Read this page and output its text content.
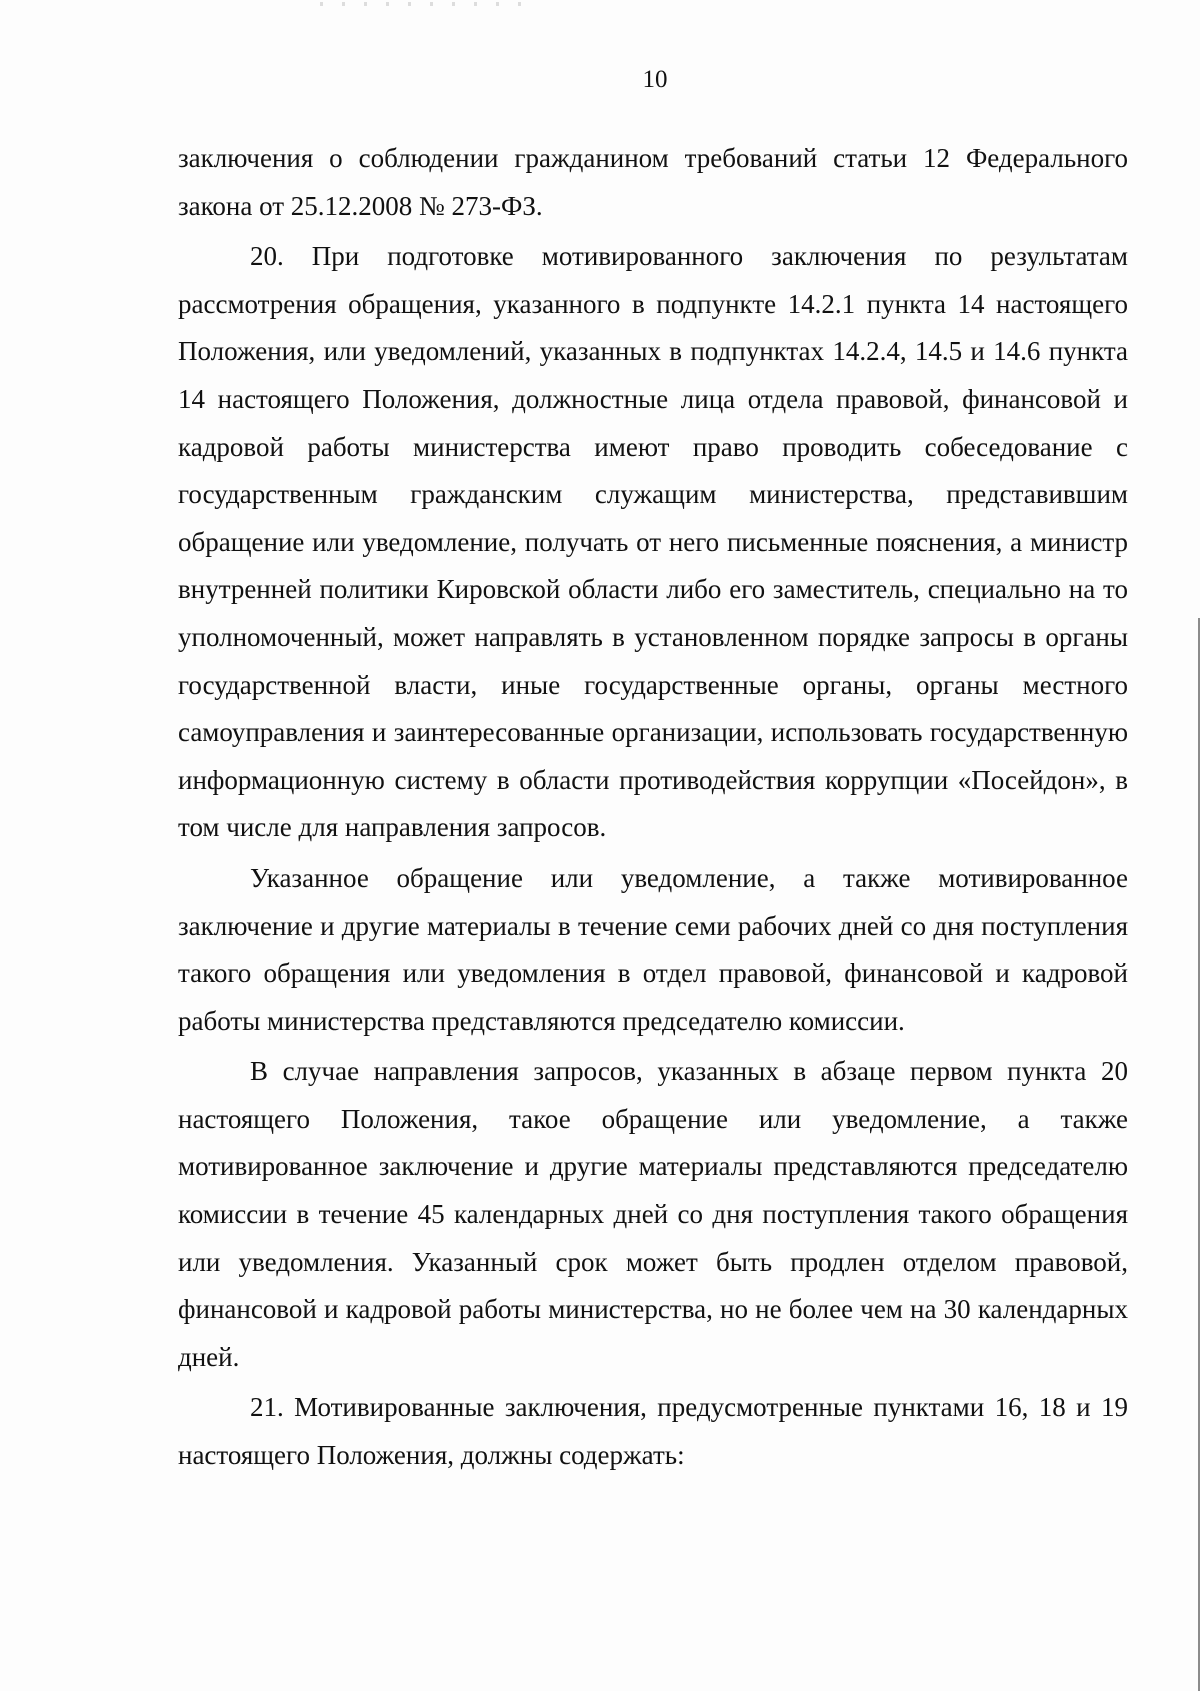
10

заключения о соблюдении гражданином требований статьи 12 Федерального закона от 25.12.2008 № 273-ФЗ.

20. При подготовке мотивированного заключения по результатам рассмотрения обращения, указанного в подпункте 14.2.1 пункта 14 настоящего Положения, или уведомлений, указанных в подпунктах 14.2.4, 14.5 и 14.6 пункта 14 настоящего Положения, должностные лица отдела правовой, финансовой и кадровой работы министерства имеют право проводить собеседование с государственным гражданским служащим министерства, представившим обращение или уведомление, получать от него письменные пояснения, а министр внутренней политики Кировской области либо его заместитель, специально на то уполномоченный, может направлять в установленном порядке запросы в органы государственной власти, иные государственные органы, органы местного самоуправления и заинтересованные организации, использовать государственную информационную систему в области противодействия коррупции «Посейдон», в том числе для направления запросов.

Указанное обращение или уведомление, а также мотивированное заключение и другие материалы в течение семи рабочих дней со дня поступления такого обращения или уведомления в отдел правовой, финансовой и кадровой работы министерства представляются председателю комиссии.

В случае направления запросов, указанных в абзаце первом пункта 20 настоящего Положения, такое обращение или уведомление, а также мотивированное заключение и другие материалы представляются председателю комиссии в течение 45 календарных дней со дня поступления такого обращения или уведомления. Указанный срок может быть продлен отделом правовой, финансовой и кадровой работы министерства, но не более чем на 30 календарных дней.

21. Мотивированные заключения, предусмотренные пунктами 16, 18 и 19 настоящего Положения, должны содержать:
